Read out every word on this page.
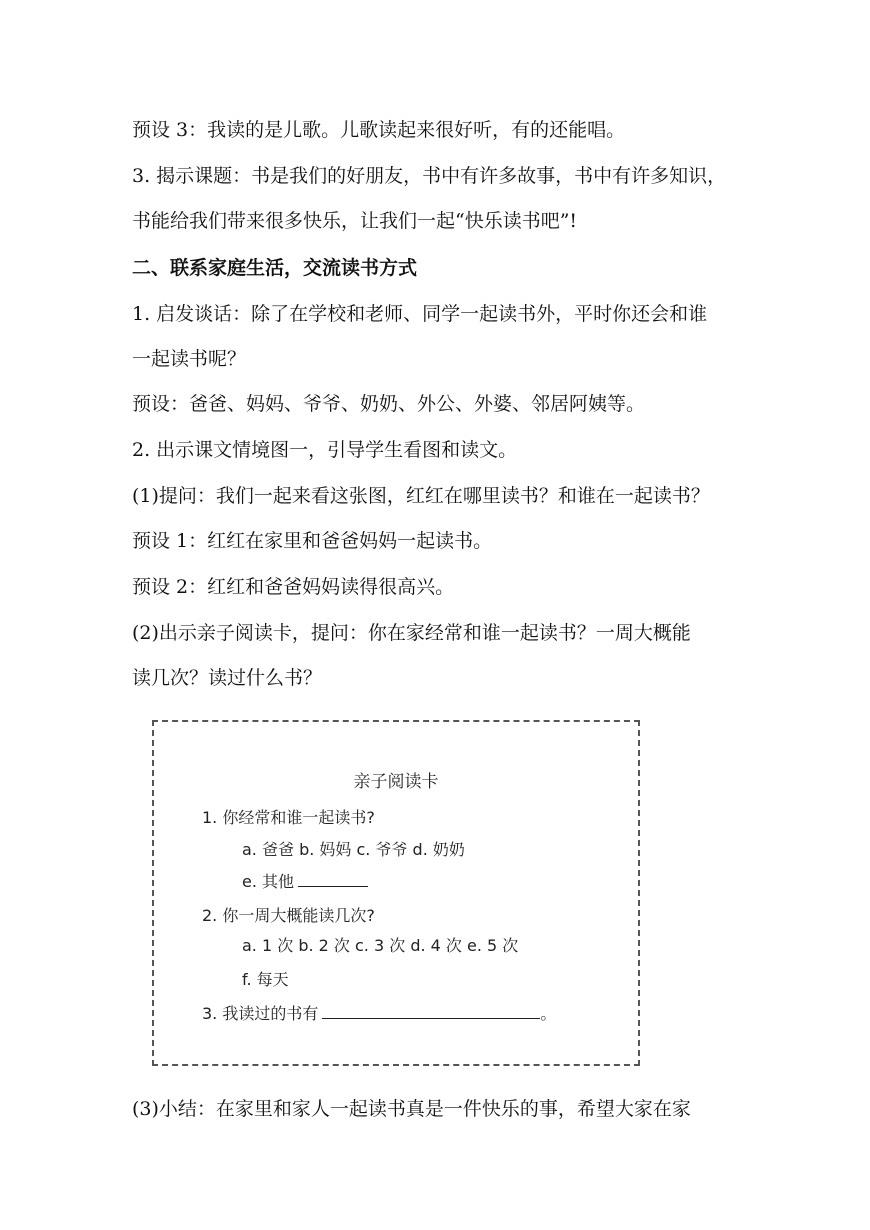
预设 3：我读的是儿歌。儿歌读起来很好听，有的还能唱。
3. 揭示课题：书是我们的好朋友，书中有许多故事，书中有许多知识，
书能给我们带来很多快乐，让我们一起“快乐读书吧”!
二、联系家庭生活，交流读书方式
1. 启发谈话：除了在学校和老师、同学一起读书外，平时你还会和谁
一起读书呢？
预设：爸爸、妈妈、爷爷、奶奶、外公、外婆、邻居阿姨等。
2. 出示课文情境图一，引导学生看图和读文。
(1)提问：我们一起来看这张图，红红在哪里读书？和谁在一起读书？
预设 1：红红在家里和爸爸妈妈一起读书。
预设 2：红红和爸爸妈妈读得很高兴。
(2)出示亲子阅读卡，提问：你在家经常和谁一起读书？一周大概能
读几次？读过什么书？
亲子阅读卡
1. 你经常和谁一起读书?
a. 爸爸 b. 妈妈 c. 爷爷 d. 奶奶
e. 其他
2. 你一周大概能读几次?
a. 1 次 b. 2 次 c. 3 次 d. 4 次 e. 5 次
f. 每天
3. 我读过的书有	。
(3)小结：在家里和家人一起读书真是一件快乐的事，希望大家在家
